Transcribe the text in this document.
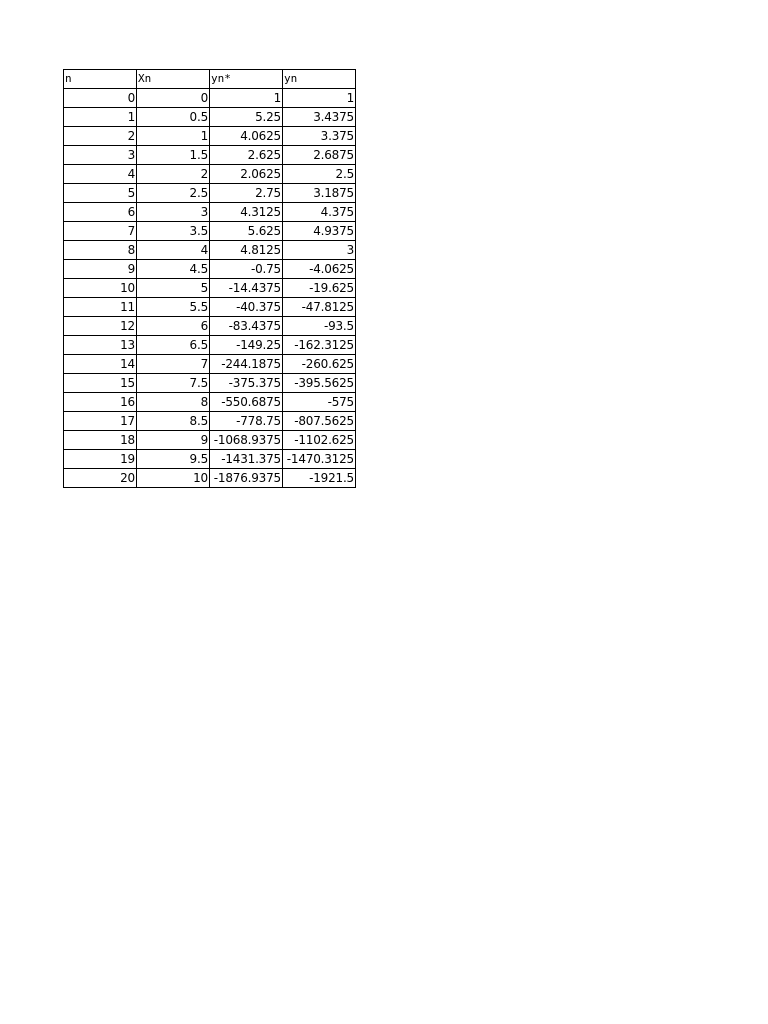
n	Xn	yn*	yn
0	0	1	1
1	0.5	5.25	3.4375
2	1	4.0625	3.375
3	1.5	2.625	2.6875
4	2	2.0625	2.5
5	2.5	2.75	3.1875
6	3	4.3125	4.375
7	3.5	5.625	4.9375
8	4	4.8125	3
9	4.5	-0.75	-4.0625
10	5	-14.4375	-19.625
11	5.5	-40.375	-47.8125
12	6	-83.4375	-93.5
13	6.5	-149.25	-162.3125
14	7	-244.1875	-260.625
15	7.5	-375.375	-395.5625
16	8	-550.6875	-575
17	8.5	-778.75	-807.5625
18	9	-1068.9375	-1102.625
19	9.5	-1431.375	-1470.3125
20	10	-1876.9375	-1921.5
